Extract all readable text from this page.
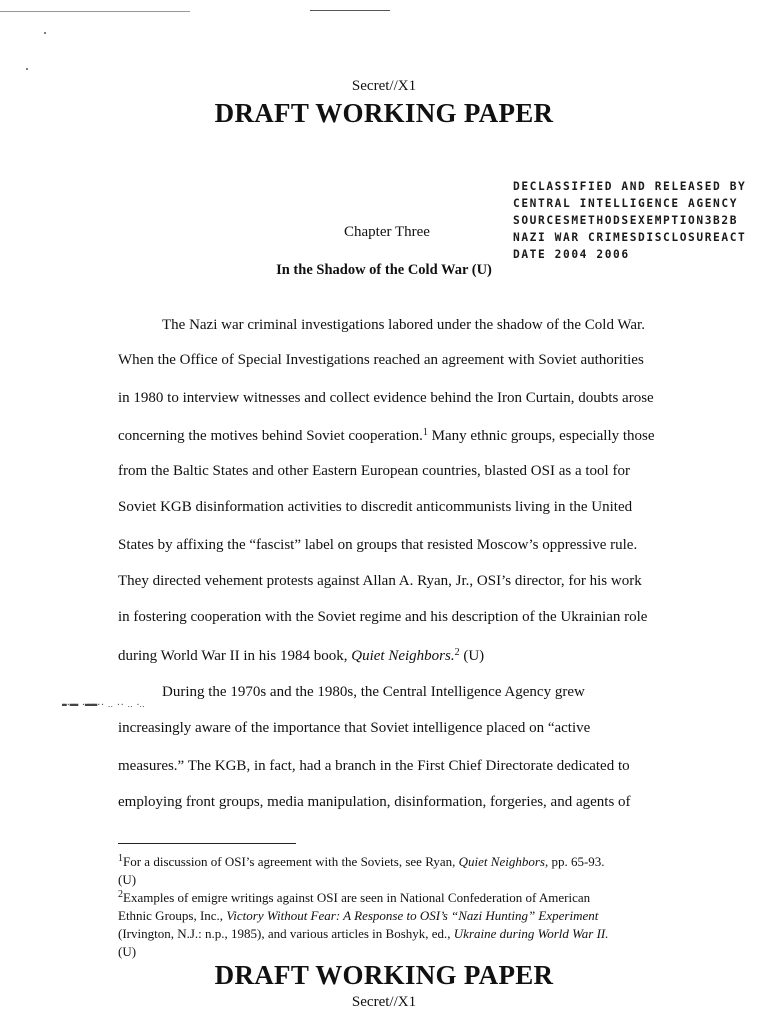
Secret//X1
DRAFT WORKING PAPER
DECLASSIFIED AND RELEASED BY
CENTRAL INTELLIGENCE AGENCY
SOURCESMETHODSEXEMPTION3B2B
NAZI WAR CRIMESDISCLOSUREACT
DATE 2004 2006
Chapter Three
In the Shadow of the Cold War (U)
The Nazi war criminal investigations labored under the shadow of the Cold War.
When the Office of Special Investigations reached an agreement with Soviet authorities
in 1980 to interview witnesses and collect evidence behind the Iron Curtain, doubts arose
concerning the motives behind Soviet cooperation.$^1$ Many ethnic groups, especially those
from the Baltic States and other Eastern European countries, blasted OSI as a tool for
Soviet KGB disinformation activities to discredit anticommunists living in the United
States by affixing the “fascist” label on groups that resisted Moscow’s oppressive rule.
They directed vehement protests against Allan A. Ryan, Jr., OSI’s director, for his work
in fostering cooperation with the Soviet regime and his description of the Ukrainian role
during World War II in his 1984 book, Quiet Neighbors.$^2$ (U)
During the 1970s and the 1980s, the Central Intelligence Agency grew
▬·▬▬ ·▬▬▬·· ‥ ·· ‥ ·‥
increasingly aware of the importance that Soviet intelligence placed on “active
measures.” The KGB, in fact, had a branch in the First Chief Directorate dedicated to
employing front groups, media manipulation, disinformation, forgeries, and agents of
$^1$For a discussion of OSI’s agreement with the Soviets, see Ryan, Quiet Neighbors, pp. 65-93.
(U)
$^2$Examples of emigre writings against OSI are seen in National Confederation of American
Ethnic Groups, Inc., Victory Without Fear: A Response to OSI’s “Nazi Hunting” Experiment
(Irvington, N.J.: n.p., 1985), and various articles in Boshyk, ed., Ukraine during World War II.
(U)
DRAFT WORKING PAPER
Secret//X1
